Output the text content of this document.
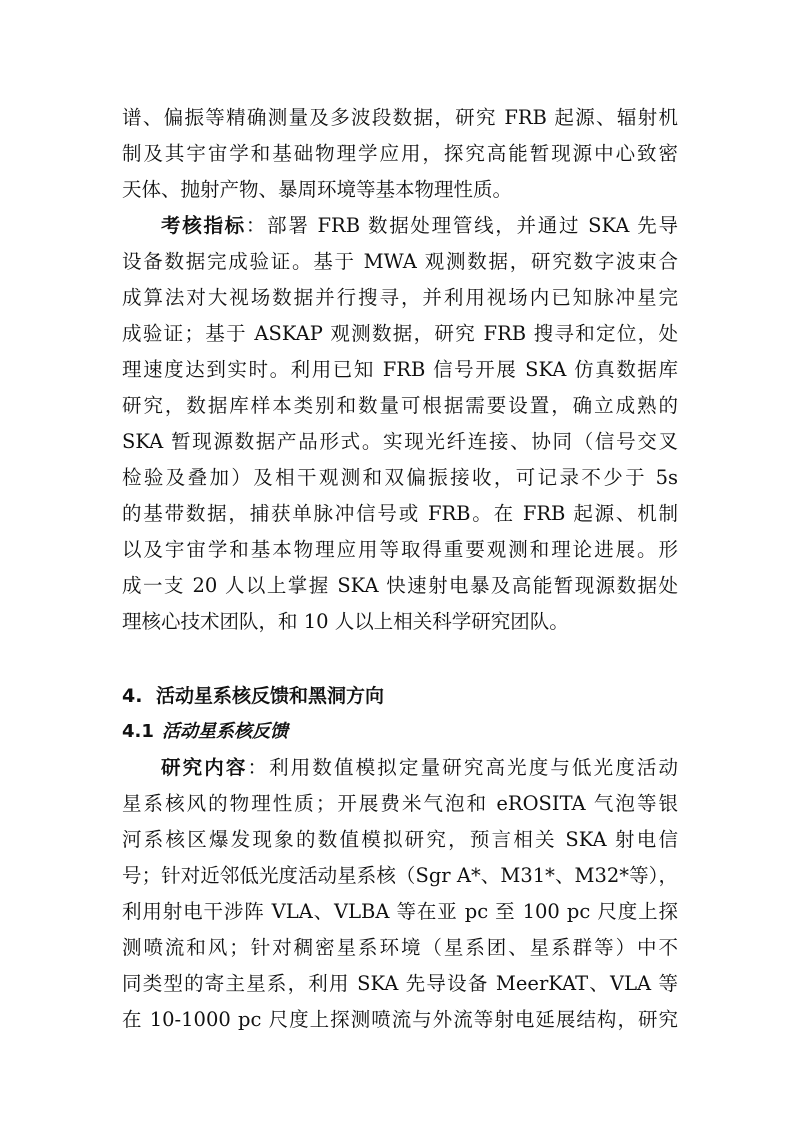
谱、偏振等精确测量及多波段数据，研究 FRB 起源、辐射机
制及其宇宙学和基础物理学应用，探究高能暂现源中心致密
天体、抛射产物、暴周环境等基本物理性质。
考核指标：部署 FRB 数据处理管线，并通过 SKA 先导
设备数据完成验证。基于 MWA 观测数据，研究数字波束合
成算法对大视场数据并行搜寻，并利用视场内已知脉冲星完
成验证；基于 ASKAP 观测数据，研究 FRB 搜寻和定位，处
理速度达到实时。利用已知 FRB 信号开展 SKA 仿真数据库
研究，数据库样本类别和数量可根据需要设置，确立成熟的
SKA 暂现源数据产品形式。实现光纤连接、协同（信号交叉
检验及叠加）及相干观测和双偏振接收，可记录不少于 5s
的基带数据，捕获单脉冲信号或 FRB。在 FRB 起源、机制
以及宇宙学和基本物理应用等取得重要观测和理论进展。形
成一支 20 人以上掌握 SKA 快速射电暴及高能暂现源数据处
理核心技术团队，和 10 人以上相关科学研究团队。
4. 活动星系核反馈和黑洞方向
4.1 活动星系核反馈
研究内容：利用数值模拟定量研究高光度与低光度活动
星系核风的物理性质；开展费米气泡和 eROSITA 气泡等银
河系核区爆发现象的数值模拟研究，预言相关 SKA 射电信
号；针对近邻低光度活动星系核（Sgr A*、M31*、M32*等），
利用射电干涉阵 VLA、VLBA 等在亚 pc 至 100 pc 尺度上探
测喷流和风；针对稠密星系环境（星系团、星系群等）中不
同类型的寄主星系，利用 SKA 先导设备 MeerKAT、VLA 等
在 10-1000 pc 尺度上探测喷流与外流等射电延展结构，研究
